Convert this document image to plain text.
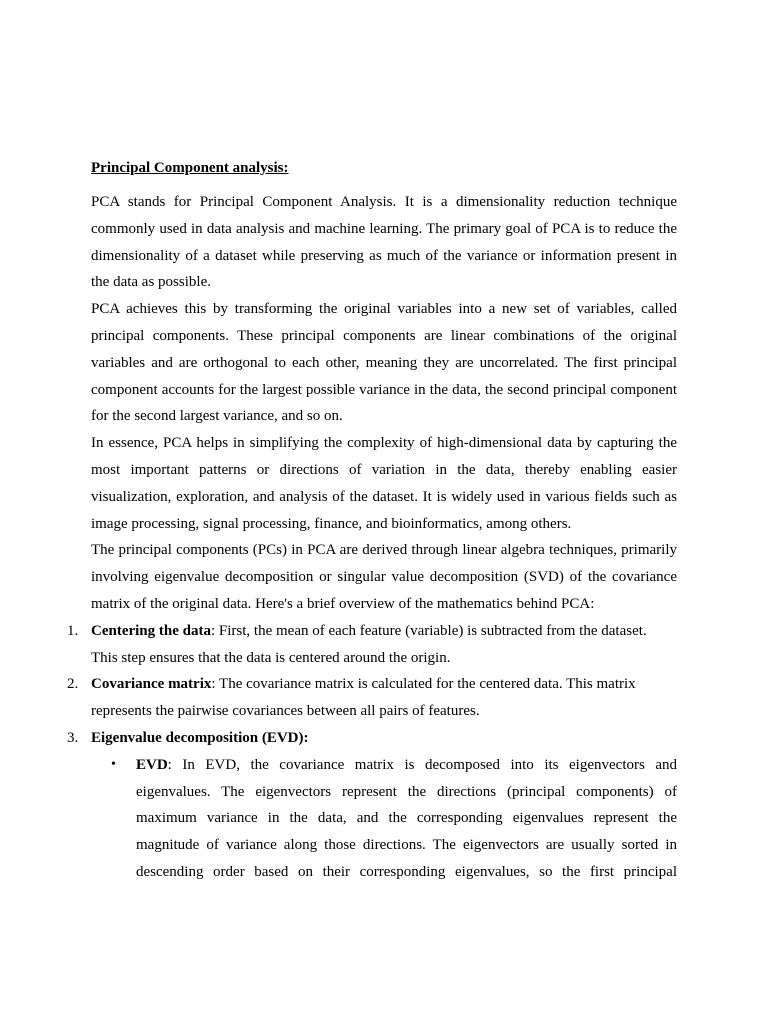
Principal Component analysis:

PCA stands for Principal Component Analysis. It is a dimensionality reduction technique commonly used in data analysis and machine learning. The primary goal of PCA is to reduce the dimensionality of a dataset while preserving as much of the variance or information present in the data as possible.

PCA achieves this by transforming the original variables into a new set of variables, called principal components. These principal components are linear combinations of the original variables and are orthogonal to each other, meaning they are uncorrelated. The first principal component accounts for the largest possible variance in the data, the second principal component for the second largest variance, and so on.

In essence, PCA helps in simplifying the complexity of high-dimensional data by capturing the most important patterns or directions of variation in the data, thereby enabling easier visualization, exploration, and analysis of the dataset. It is widely used in various fields such as image processing, signal processing, finance, and bioinformatics, among others.

The principal components (PCs) in PCA are derived through linear algebra techniques, primarily involving eigenvalue decomposition or singular value decomposition (SVD) of the covariance matrix of the original data. Here's a brief overview of the mathematics behind PCA:

1. Centering the data: First, the mean of each feature (variable) is subtracted from the dataset.
This step ensures that the data is centered around the origin.
2. Covariance matrix: The covariance matrix is calculated for the centered data. This matrix
represents the pairwise covariances between all pairs of features.
3. Eigenvalue decomposition (EVD):
• EVD: In EVD, the covariance matrix is decomposed into its eigenvectors and eigenvalues. The eigenvectors represent the directions (principal components) of maximum variance in the data, and the corresponding eigenvalues represent the magnitude of variance along those directions. The eigenvectors are usually sorted in descending order based on their corresponding eigenvalues, so the first principal
